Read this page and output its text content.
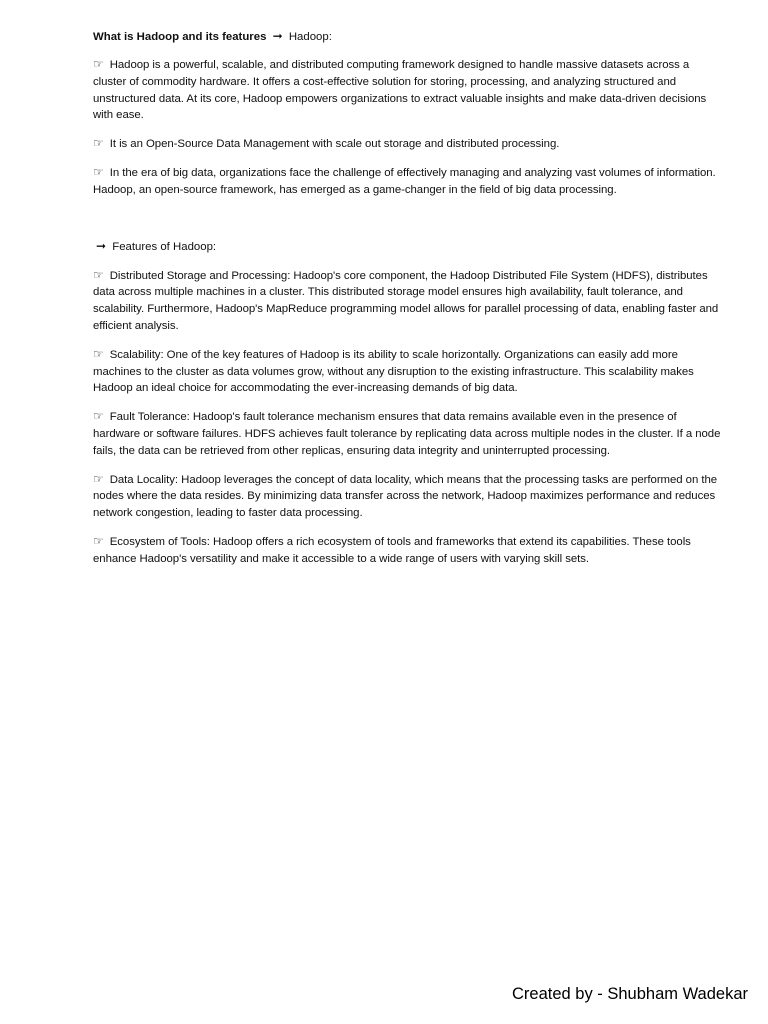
What is Hadoop and its features ➞ Hadoop:
☞ Hadoop is a powerful, scalable, and distributed computing framework designed to handle massive datasets across a cluster of commodity hardware. It offers a cost-effective solution for storing, processing, and analyzing structured and unstructured data. At its core, Hadoop empowers organizations to extract valuable insights and make data-driven decisions with ease.
☞ It is an Open-Source Data Management with scale out storage and distributed processing.
☞ In the era of big data, organizations face the challenge of effectively managing and analyzing vast volumes of information. Hadoop, an open-source framework, has emerged as a game-changer in the field of big data processing.
➞ Features of Hadoop:
☞ Distributed Storage and Processing: Hadoop's core component, the Hadoop Distributed File System (HDFS), distributes data across multiple machines in a cluster. This distributed storage model ensures high availability, fault tolerance, and scalability. Furthermore, Hadoop's MapReduce programming model allows for parallel processing of data, enabling faster and efficient analysis.
☞ Scalability: One of the key features of Hadoop is its ability to scale horizontally. Organizations can easily add more machines to the cluster as data volumes grow, without any disruption to the existing infrastructure. This scalability makes Hadoop an ideal choice for accommodating the ever-increasing demands of big data.
☞ Fault Tolerance: Hadoop's fault tolerance mechanism ensures that data remains available even in the presence of hardware or software failures. HDFS achieves fault tolerance by replicating data across multiple nodes in the cluster. If a node fails, the data can be retrieved from other replicas, ensuring data integrity and uninterrupted processing.
☞ Data Locality: Hadoop leverages the concept of data locality, which means that the processing tasks are performed on the nodes where the data resides. By minimizing data transfer across the network, Hadoop maximizes performance and reduces network congestion, leading to faster data processing.
☞ Ecosystem of Tools: Hadoop offers a rich ecosystem of tools and frameworks that extend its capabilities. These tools enhance Hadoop's versatility and make it accessible to a wide range of users with varying skill sets.
Created by - Shubham Wadekar
